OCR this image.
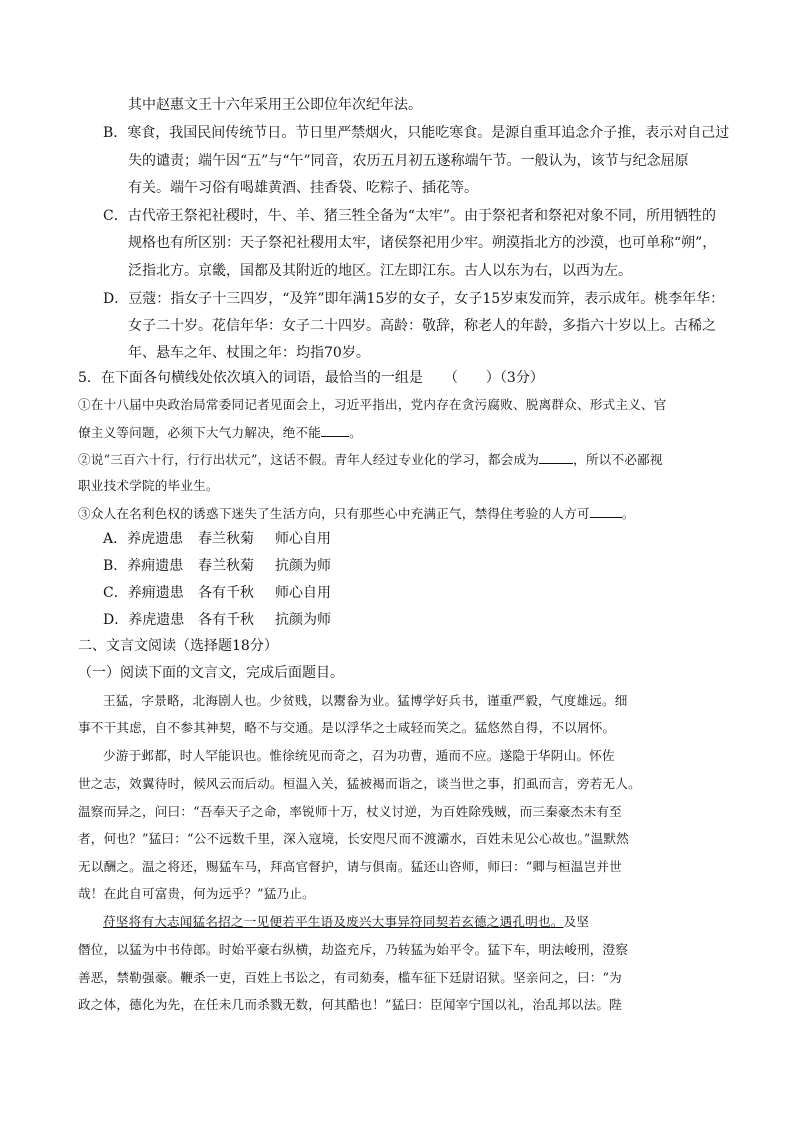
其中赵惠文王十六年采用王公即位年次纪年法。
B．寒食，我国民间传统节日。节日里严禁烟火，只能吃寒食。是源自重耳追念介子推，表示对自己过
失的谴责；端午因“五”与“午”同音，农历五月初五遂称端午节。一般认为，该节与纪念屈原
有关。端午习俗有喝雄黄酒、挂香袋、吃粽子、插花等。
C．古代帝王祭祀社稷时，牛、羊、猪三牲全备为“太牢”。由于祭祀者和祭祀对象不同，所用牺牲的
规格也有所区别：天子祭祀社稷用太牢，诸侯祭祀用少牢。朔漠指北方的沙漠，也可单称“朔”，
泛指北方。京畿，国都及其附近的地区。江左即江东。古人以东为右，以西为左。
D．豆蔻：指女子十三四岁，“及笄”即年满15岁的女子，女子15岁束发而笄，表示成年。桃李年华：
女子二十岁。花信年华：女子二十四岁。高龄：敬辞，称老人的年龄，多指六十岁以上。古稀之
年、悬车之年、杖围之年：均指70岁。
5．在下面各句横线处依次填入的词语，最恰当的一组是　　（　　）（3分）
①在十八届中央政治局常委同记者见面会上，习近平指出，党内存在贪污腐败、脱离群众、形式主义、官
僚主义等问题，必须下大气力解决，绝不能 。
②说“三百六十行，行行出状元”，这话不假。青年人经过专业化的学习，都会成为	，所以不必鄙视
职业技术学院的毕业生。
③众人在名利色权的诱惑下迷失了生活方向，只有那些心中充满正气，禁得住考验的人方可	。
A．养虎遗患 春兰秋菊 师心自用
B．养痈遗患 春兰秋菊 抗颜为师
C．养痈遗患 各有千秋 师心自用
D．养虎遗患 各有千秋 抗颜为师
二、文言文阅读（选择题18分）
（一）阅读下面的文言文，完成后面题目。
王猛，字景略，北海剧人也。少贫贱，以鬻畚为业。猛博学好兵书，谨重严毅，气度雄远。细
事不干其虑，自不参其神契，略不与交通。是以浮华之士咸轻而笑之。猛悠然自得，不以屑怀。
少游于邺都，时人罕能识也。惟徐统见而奇之，召为功曹，遁而不应。遂隐于华阴山。怀佐
世之志，效翼待时，候风云而后动。桓温入关，猛被褐而诣之，谈当世之事，扪虱而言，旁若无人。
温察而异之，问曰：“吾奉天子之命，率锐师十万，杖义讨逆，为百姓除残贼，而三秦豪杰未有至
者，何也？”猛曰：“公不远数千里，深入寇境，长安咫尺而不渡灞水，百姓未见公心故也。”温默然
无以酬之。温之将还，赐猛车马，拜高官督护，请与俱南。猛还山咨师，师曰：“卿与桓温岂并世
哉！在此自可富贵，何为远乎？”猛乃止。
苻坚将有大志闻猛名招之一见便若平生语及废兴大事异符同契若玄德之遇孔明也。及坚
僭位，以猛为中书侍郎。时始平豪右纵横，劫盗充斥，乃转猛为始平令。猛下车，明法峻刑，澄察
善恶，禁勒强豪。鞭杀一吏，百姓上书讼之，有司劾奏，槛车征下廷尉诏狱。坚亲问之，曰：“为
政之体，德化为先，在任未几而杀戮无数，何其酷也！”猛曰：臣闻宰宁国以礼，治乱邦以法。陛
